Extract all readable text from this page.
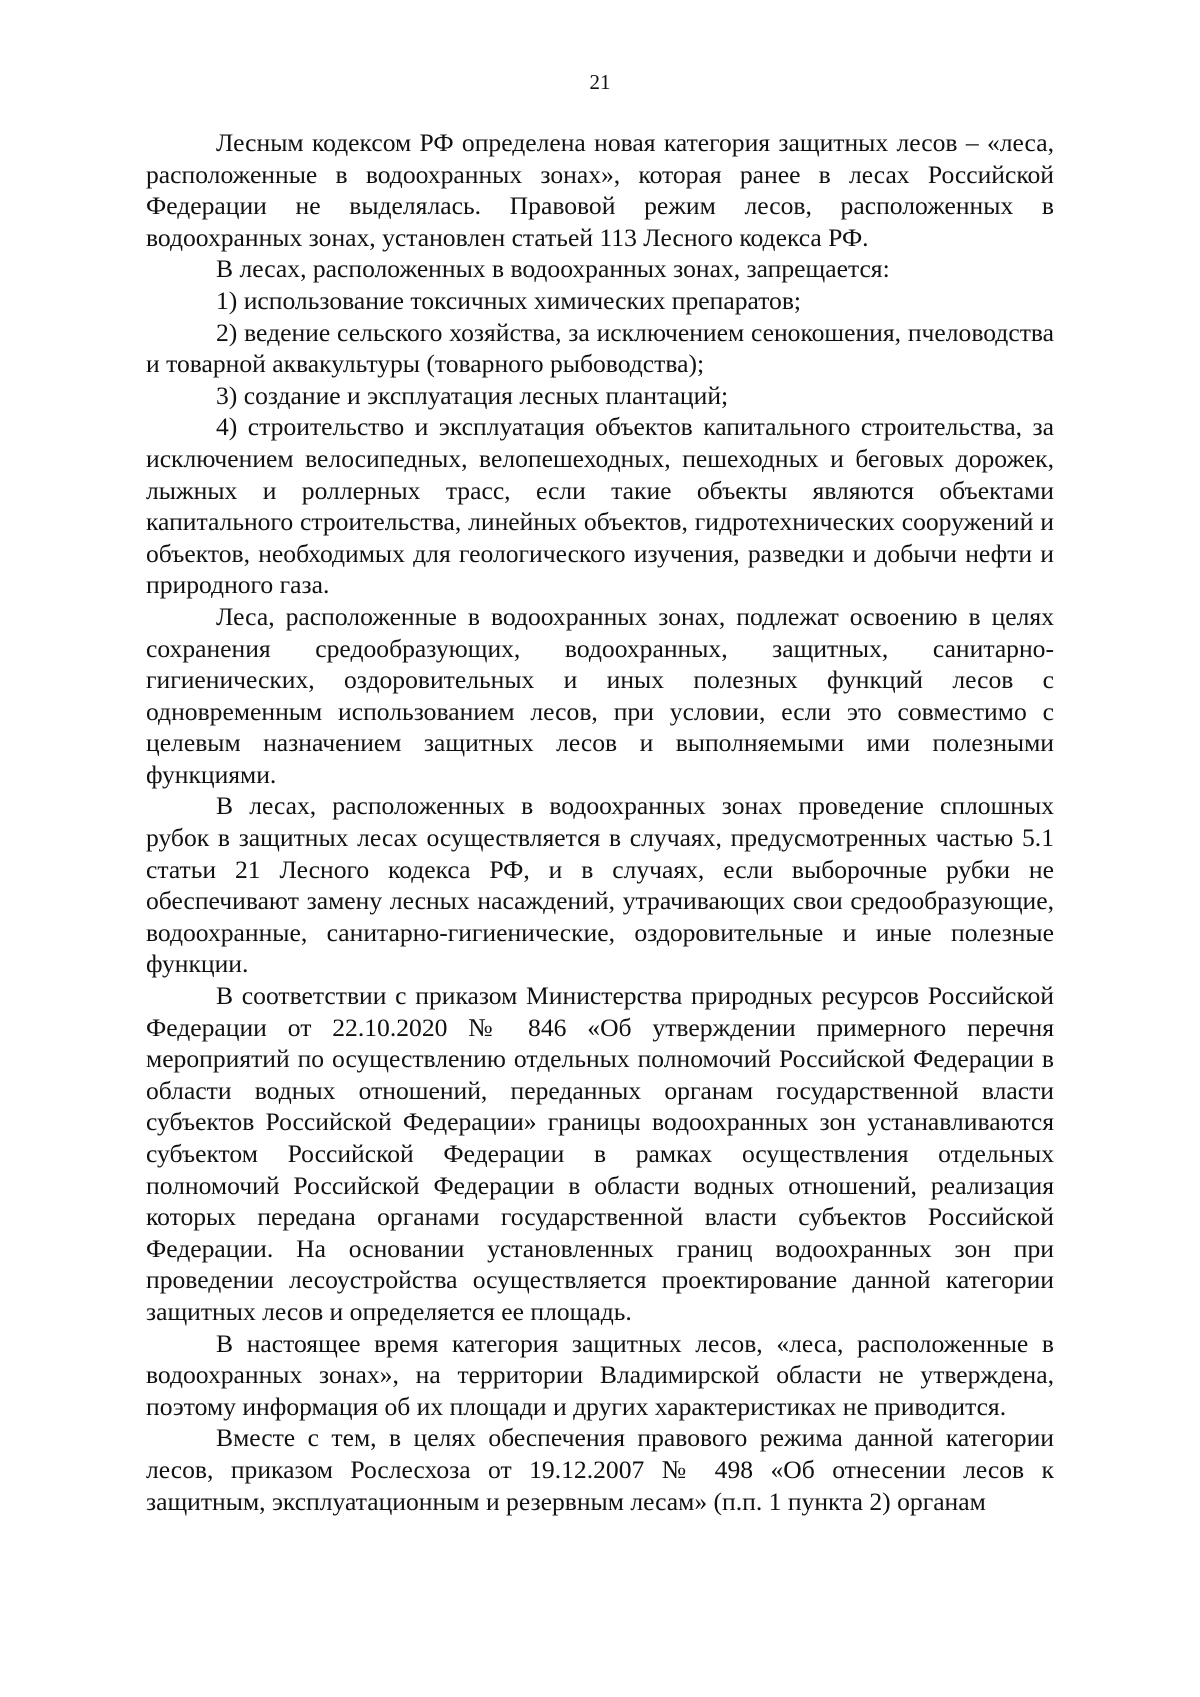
21

Лесным кодексом РФ определена новая категория защитных лесов – «леса, расположенные в водоохранных зонах», которая ранее в лесах Российской Федерации не выделялась. Правовой режим лесов, расположенных в водоохранных зонах, установлен статьей 113 Лесного кодекса РФ.

В лесах, расположенных в водоохранных зонах, запрещается:

1) использование токсичных химических препаратов;

2) ведение сельского хозяйства, за исключением сенокошения, пчеловодства и товарной аквакультуры (товарного рыбоводства);

3) создание и эксплуатация лесных плантаций;

4) строительство и эксплуатация объектов капитального строительства, за исключением велосипедных, велопешеходных, пешеходных и беговых дорожек, лыжных и роллерных трасс, если такие объекты являются объектами капитального строительства, линейных объектов, гидротехнических сооружений и объектов, необходимых для геологического изучения, разведки и добычи нефти и природного газа.

Леса, расположенные в водоохранных зонах, подлежат освоению в целях сохранения средообразующих, водоохранных, защитных, санитарно-гигиенических, оздоровительных и иных полезных функций лесов с одновременным использованием лесов, при условии, если это совместимо с целевым назначением защитных лесов и выполняемыми ими полезными функциями.

В лесах, расположенных в водоохранных зонах проведение сплошных рубок в защитных лесах осуществляется в случаях, предусмотренных частью 5.1 статьи 21 Лесного кодекса РФ, и в случаях, если выборочные рубки не обеспечивают замену лесных насаждений, утрачивающих свои средообразующие, водоохранные, санитарно-гигиенические, оздоровительные и иные полезные функции.

В соответствии с приказом Министерства природных ресурсов Российской Федерации от 22.10.2020 № 846 «Об утверждении примерного перечня мероприятий по осуществлению отдельных полномочий Российской Федерации в области водных отношений, переданных органам государственной власти субъектов Российской Федерации» границы водоохранных зон устанавливаются субъектом Российской Федерации в рамках осуществления отдельных полномочий Российской Федерации в области водных отношений, реализация которых передана органами государственной власти субъектов Российской Федерации. На основании установленных границ водоохранных зон при проведении лесоустройства осуществляется проектирование данной категории защитных лесов и определяется ее площадь.

В настоящее время категория защитных лесов, «леса, расположенные в водоохранных зонах», на территории Владимирской области не утверждена, поэтому информация об их площади и других характеристиках не приводится.

Вместе с тем, в целях обеспечения правового режима данной категории лесов, приказом Рослесхоза от 19.12.2007 № 498 «Об отнесении лесов к защитным, эксплуатационным и резервным лесам» (п.п. 1 пункта 2) органам
